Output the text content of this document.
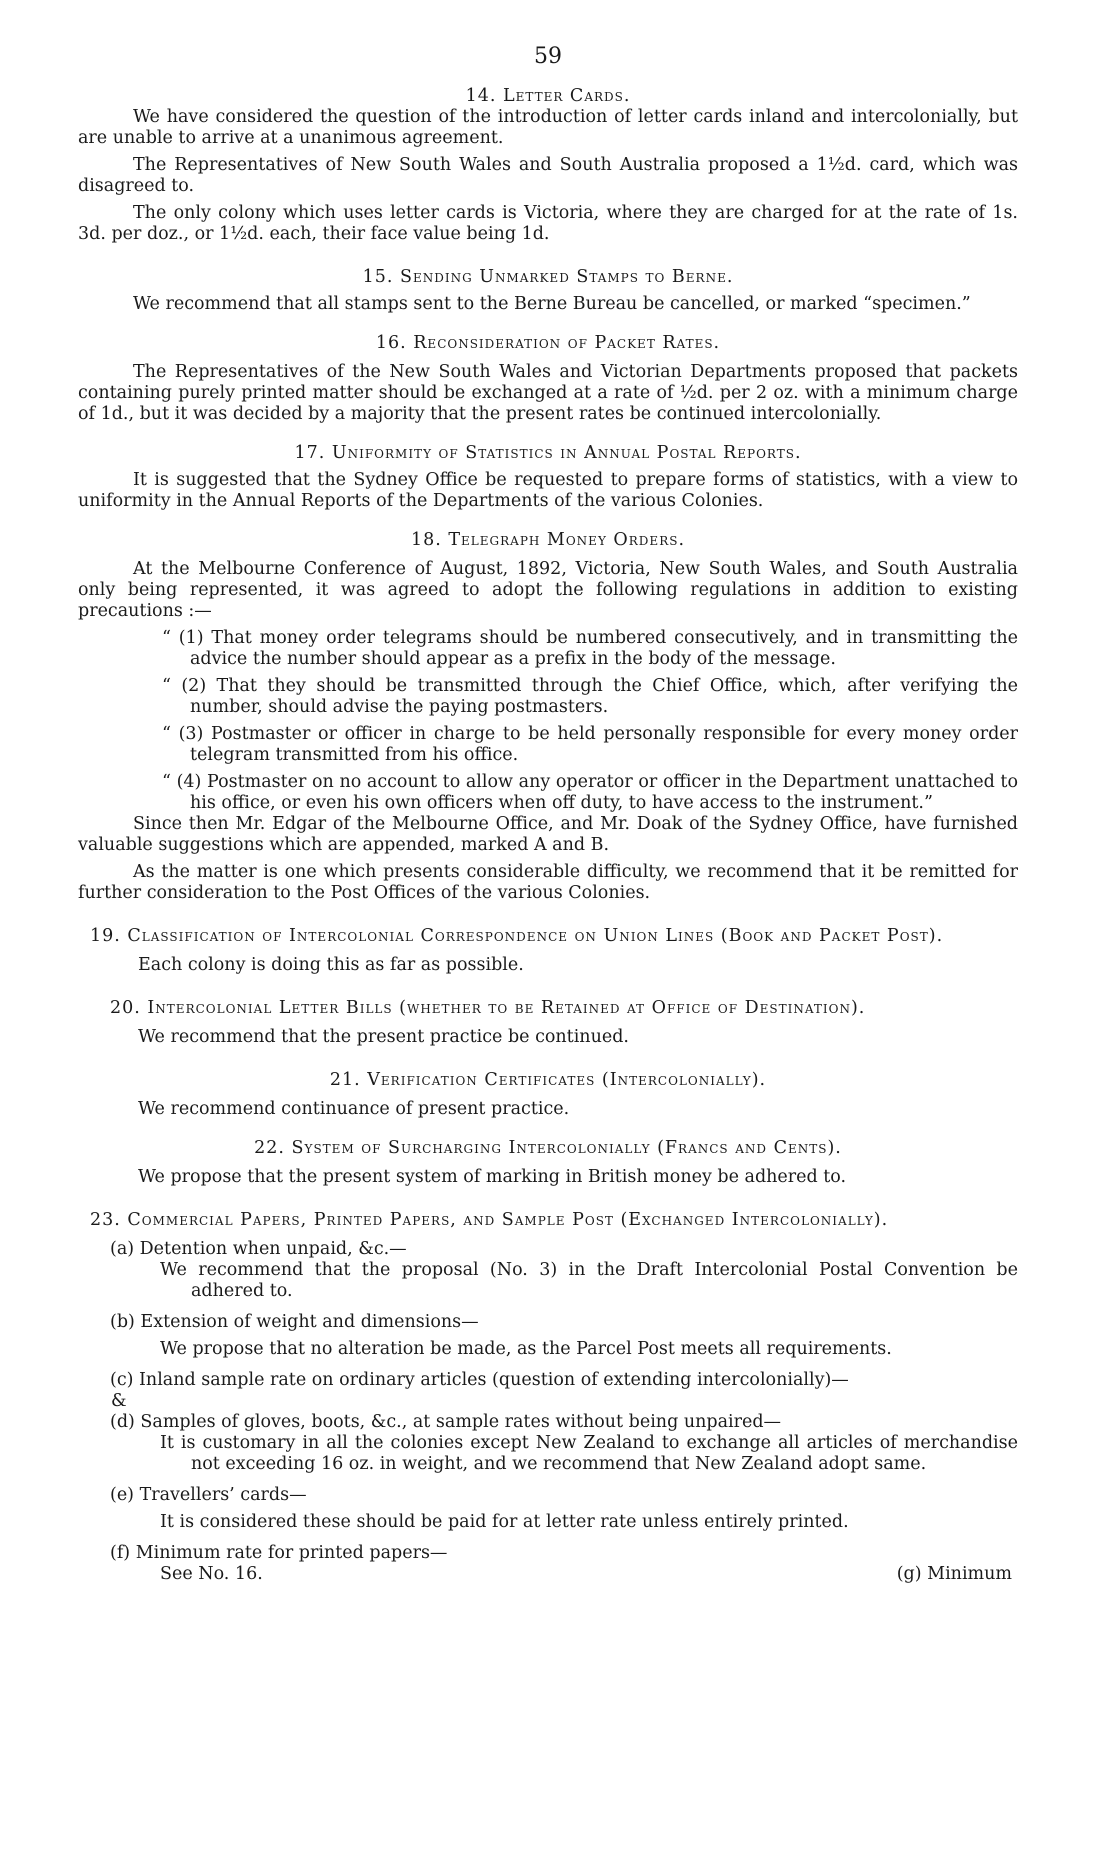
59
14. Letter Cards.

We have considered the question of the introduction of letter cards inland and intercolonially, but are unable to arrive at a unanimous agreement.

The Representatives of New South Wales and South Australia proposed a 1½d. card, which was disagreed to.

The only colony which uses letter cards is Victoria, where they are charged for at the rate of 1s. 3d. per doz., or 1½d. each, their face value being 1d.

15. Sending Unmarked Stamps to Berne.

We recommend that all stamps sent to the Berne Bureau be cancelled, or marked “specimen.”

16. Reconsideration of Packet Rates.

The Representatives of the New South Wales and Victorian Departments proposed that packets containing purely printed matter should be exchanged at a rate of ½d. per 2 oz. with a minimum charge of 1d., but it was decided by a majority that the present rates be continued intercolonially.

17. Uniformity of Statistics in Annual Postal Reports.

It is suggested that the Sydney Office be requested to prepare forms of statistics, with a view to uniformity in the Annual Reports of the Departments of the various Colonies.

18. Telegraph Money Orders.

At the Melbourne Conference of August, 1892, Victoria, New South Wales, and South Australia only being represented, it was agreed to adopt the following regulations in addition to existing precautions :—

“ (1) That money order telegrams should be numbered consecutively, and in transmitting the advice the number should appear as a prefix in the body of the message.

“ (2) That they should be transmitted through the Chief Office, which, after verifying the number, should advise the paying postmasters.

“ (3) Postmaster or officer in charge to be held personally responsible for every money order telegram transmitted from his office.

“ (4) Postmaster on no account to allow any operator or officer in the Department unattached to his office, or even his own officers when off duty, to have access to the instrument.”

Since then Mr. Edgar of the Melbourne Office, and Mr. Doak of the Sydney Office, have furnished valuable suggestions which are appended, marked A and B.

As the matter is one which presents considerable difficulty, we recommend that it be remitted for further consideration to the Post Offices of the various Colonies.

19. Classification of Intercolonial Correspondence on Union Lines (Book and Packet Post).

Each colony is doing this as far as possible.

20. Intercolonial Letter Bills (whether to be Retained at Office of Destination).

We recommend that the present practice be continued.

21. Verification Certificates (Intercolonially).

We recommend continuance of present practice.

22. System of Surcharging Intercolonially (Francs and Cents).

We propose that the present system of marking in British money be adhered to.

23. Commercial Papers, Printed Papers, and Sample Post (Exchanged Intercolonially).

(a) Detention when unpaid, &c.—

We recommend that the proposal (No. 3) in the Draft Intercolonial Postal Convention be adhered to.

(b) Extension of weight and dimensions—

We propose that no alteration be made, as the Parcel Post meets all requirements.

(c) Inland sample rate on ordinary articles (question of extending intercolonially)—

&

(d) Samples of gloves, boots, &c., at sample rates without being unpaired—

It is customary in all the colonies except New Zealand to exchange all articles of merchandise not exceeding 16 oz. in weight, and we recommend that New Zealand adopt same.

(e) Travellers’ cards—

It is considered these should be paid for at letter rate unless entirely printed.

(f) Minimum rate for printed papers—

See No. 16.	(g) Minimum
